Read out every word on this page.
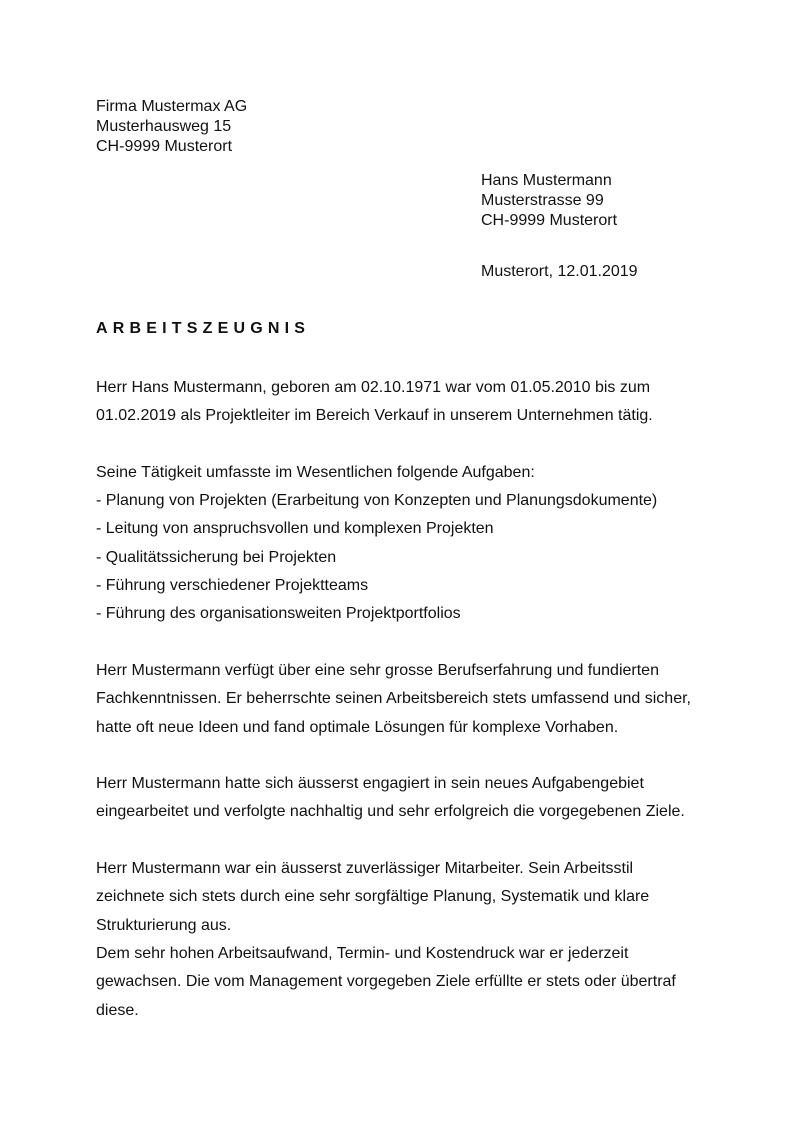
Firma Mustermax AG
Musterhausweg 15
CH-9999 Musterort
Hans Mustermann
Musterstrasse 99
CH-9999 Musterort
Musterort, 12.01.2019
ARBEITSZEUGNIS

Herr Hans Mustermann, geboren am 02.10.1971 war vom 01.05.2010 bis zum
01.02.2019 als Projektleiter im Bereich Verkauf in unserem Unternehmen tätig.

Seine Tätigkeit umfasste im Wesentlichen folgende Aufgaben:
- Planung von Projekten (Erarbeitung von Konzepten und Planungsdokumente)
- Leitung von anspruchsvollen und komplexen Projekten
- Qualitätssicherung bei Projekten
- Führung verschiedener Projektteams
- Führung des organisationsweiten Projektportfolios

Herr Mustermann verfügt über eine sehr grosse Berufserfahrung und fundierten
Fachkenntnissen. Er beherrschte seinen Arbeitsbereich stets umfassend und sicher,
hatte oft neue Ideen und fand optimale Lösungen für komplexe Vorhaben.

Herr Mustermann hatte sich äusserst engagiert in sein neues Aufgabengebiet
eingearbeitet und verfolgte nachhaltig und sehr erfolgreich die vorgegebenen Ziele.

Herr Mustermann war ein äusserst zuverlässiger Mitarbeiter. Sein Arbeitsstil
zeichnete sich stets durch eine sehr sorgfältige Planung, Systematik und klare
Strukturierung aus.
Dem sehr hohen Arbeitsaufwand, Termin- und Kostendruck war er jederzeit
gewachsen. Die vom Management vorgegeben Ziele erfüllte er stets oder übertraf
diese.
